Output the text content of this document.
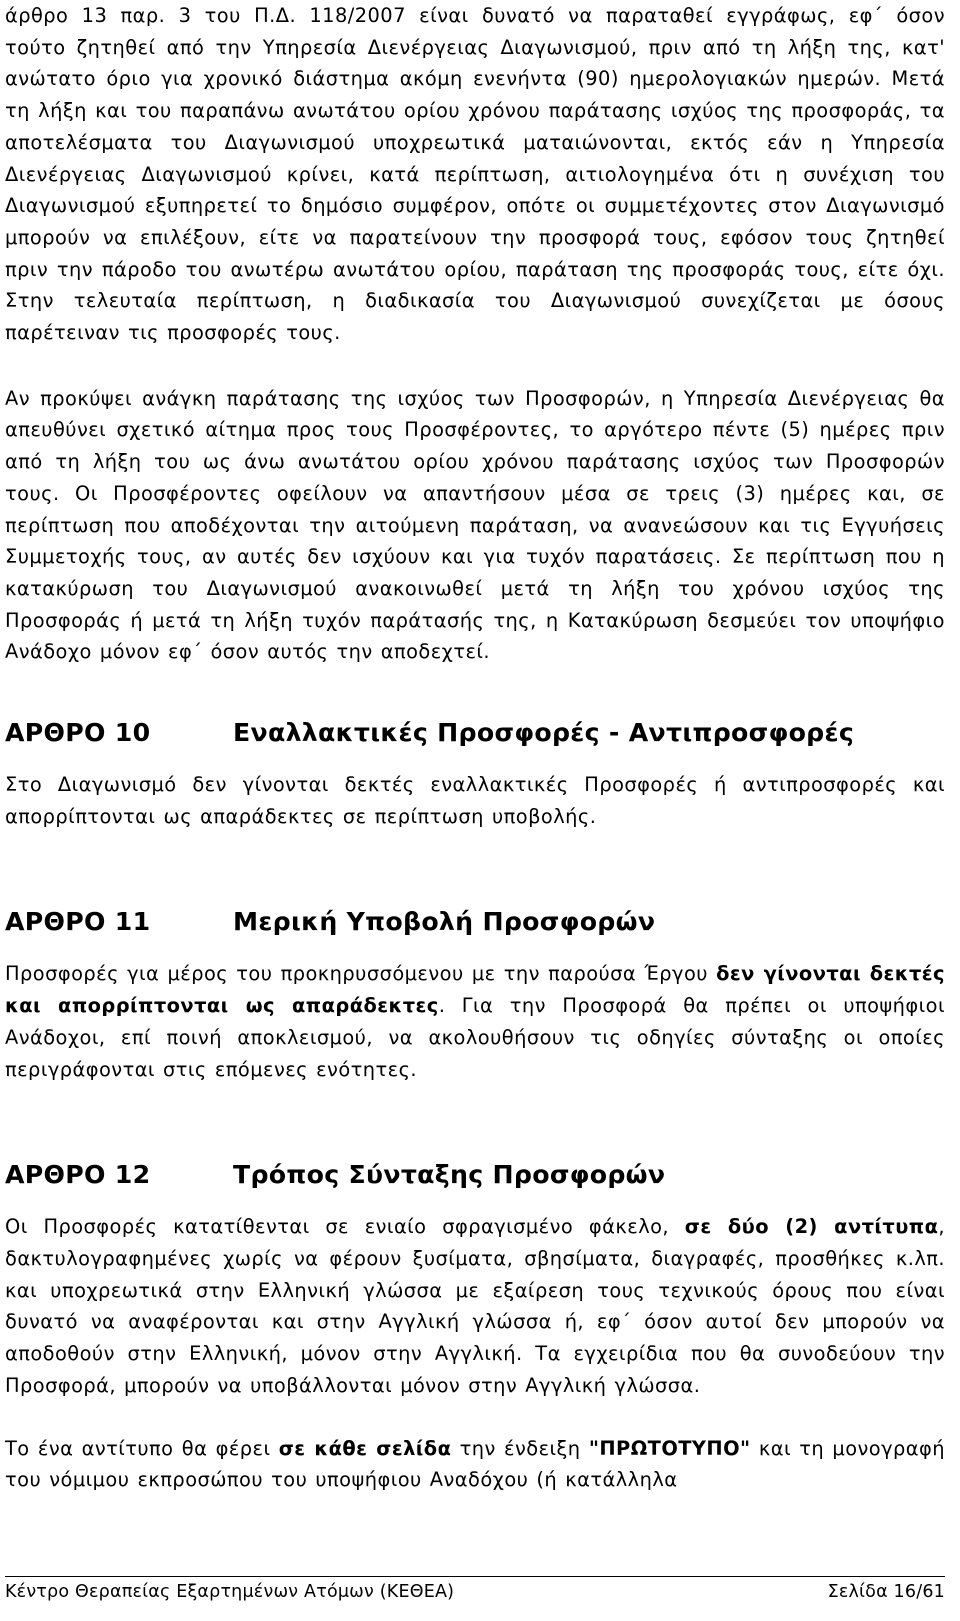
άρθρο 13 παρ. 3 του Π.Δ. 118/2007 είναι δυνατό να παραταθεί εγγράφως, εφ΄ όσον τούτο ζητηθεί από την Υπηρεσία Διενέργειας Διαγωνισμού, πριν από τη λήξη της, κατ' ανώτατο όριο για χρονικό διάστημα ακόμη ενενήντα (90) ημερολογιακών ημερών. Μετά τη λήξη και του παραπάνω ανωτάτου ορίου χρόνου παράτασης ισχύος της προσφοράς, τα αποτελέσματα του Διαγωνισμού υποχρεωτικά ματαιώνονται, εκτός εάν η Υπηρεσία Διενέργειας Διαγωνισμού κρίνει, κατά περίπτωση, αιτιολογημένα ότι η συνέχιση του Διαγωνισμού εξυπηρετεί το δημόσιο συμφέρον, οπότε οι συμμετέχοντες στον Διαγωνισμό μπορούν να επιλέξουν, είτε να παρατείνουν την προσφορά τους, εφόσον τους ζητηθεί πριν την πάροδο του ανωτέρω ανωτάτου ορίου, παράταση της προσφοράς τους, είτε όχι. Στην τελευταία περίπτωση, η διαδικασία του Διαγωνισμού συνεχίζεται με όσους παρέτειναν τις προσφορές τους.

Αν προκύψει ανάγκη παράτασης της ισχύος των Προσφορών, η Υπηρεσία Διενέργειας θα απευθύνει σχετικό αίτημα προς τους Προσφέροντες, το αργότερο πέντε (5) ημέρες πριν από τη λήξη του ως άνω ανωτάτου ορίου χρόνου παράτασης ισχύος των Προσφορών τους. Οι Προσφέροντες οφείλουν να απαντήσουν μέσα σε τρεις (3) ημέρες και, σε περίπτωση που αποδέχονται την αιτούμενη παράταση, να ανανεώσουν και τις Εγγυήσεις Συμμετοχής τους, αν αυτές δεν ισχύουν και για τυχόν παρατάσεις. Σε περίπτωση που η κατακύρωση του Διαγωνισμού ανακοινωθεί μετά τη λήξη του χρόνου ισχύος της Προσφοράς ή μετά τη λήξη τυχόν παράτασής της, η Κατακύρωση δεσμεύει τον υποψήφιο Ανάδοχο μόνον εφ΄ όσον αυτός την αποδεχτεί.

ΑΡΘΡΟ 10	Εναλλακτικές Προσφορές - Αντιπροσφορές

Στο Διαγωνισμό δεν γίνονται δεκτές εναλλακτικές Προσφορές ή αντιπροσφορές και απορρίπτονται ως απαράδεκτες σε περίπτωση υποβολής.

ΑΡΘΡΟ 11	Μερική Υποβολή Προσφορών

Προσφορές για μέρος του προκηρυσσόμενου με την παρούσα Έργου δεν γίνονται δεκτές και απορρίπτονται ως απαράδεκτες. Για την Προσφορά θα πρέπει οι υποψήφιοι Ανάδοχοι, επί ποινή αποκλεισμού, να ακολουθήσουν τις οδηγίες σύνταξης οι οποίες περιγράφονται στις επόμενες ενότητες.

ΑΡΘΡΟ 12	Τρόπος Σύνταξης Προσφορών

Οι Προσφορές κατατίθενται σε ενιαίο σφραγισμένο φάκελο, σε δύο (2) αντίτυπα, δακτυλογραφημένες χωρίς να φέρουν ξυσίματα, σβησίματα, διαγραφές, προσθήκες κ.λπ. και υποχρεωτικά στην Ελληνική γλώσσα με εξαίρεση τους τεχνικούς όρους που είναι δυνατό να αναφέρονται και στην Αγγλική γλώσσα ή, εφ΄ όσον αυτοί δεν μπορούν να αποδοθούν στην Ελληνική, μόνον στην Αγγλική. Τα εγχειρίδια που θα συνοδεύουν την Προσφορά, μπορούν να υποβάλλονται μόνον στην Αγγλική γλώσσα.

Το ένα αντίτυπο θα φέρει σε κάθε σελίδα την ένδειξη "ΠΡΩΤΟΤΥΠΟ" και τη μονογραφή του νόμιμου εκπροσώπου του υποψήφιου Αναδόχου (ή κατάλληλα

Κέντρο Θεραπείας Εξαρτημένων Ατόμων (ΚΕΘΕΑ)	Σελίδα 16/61
